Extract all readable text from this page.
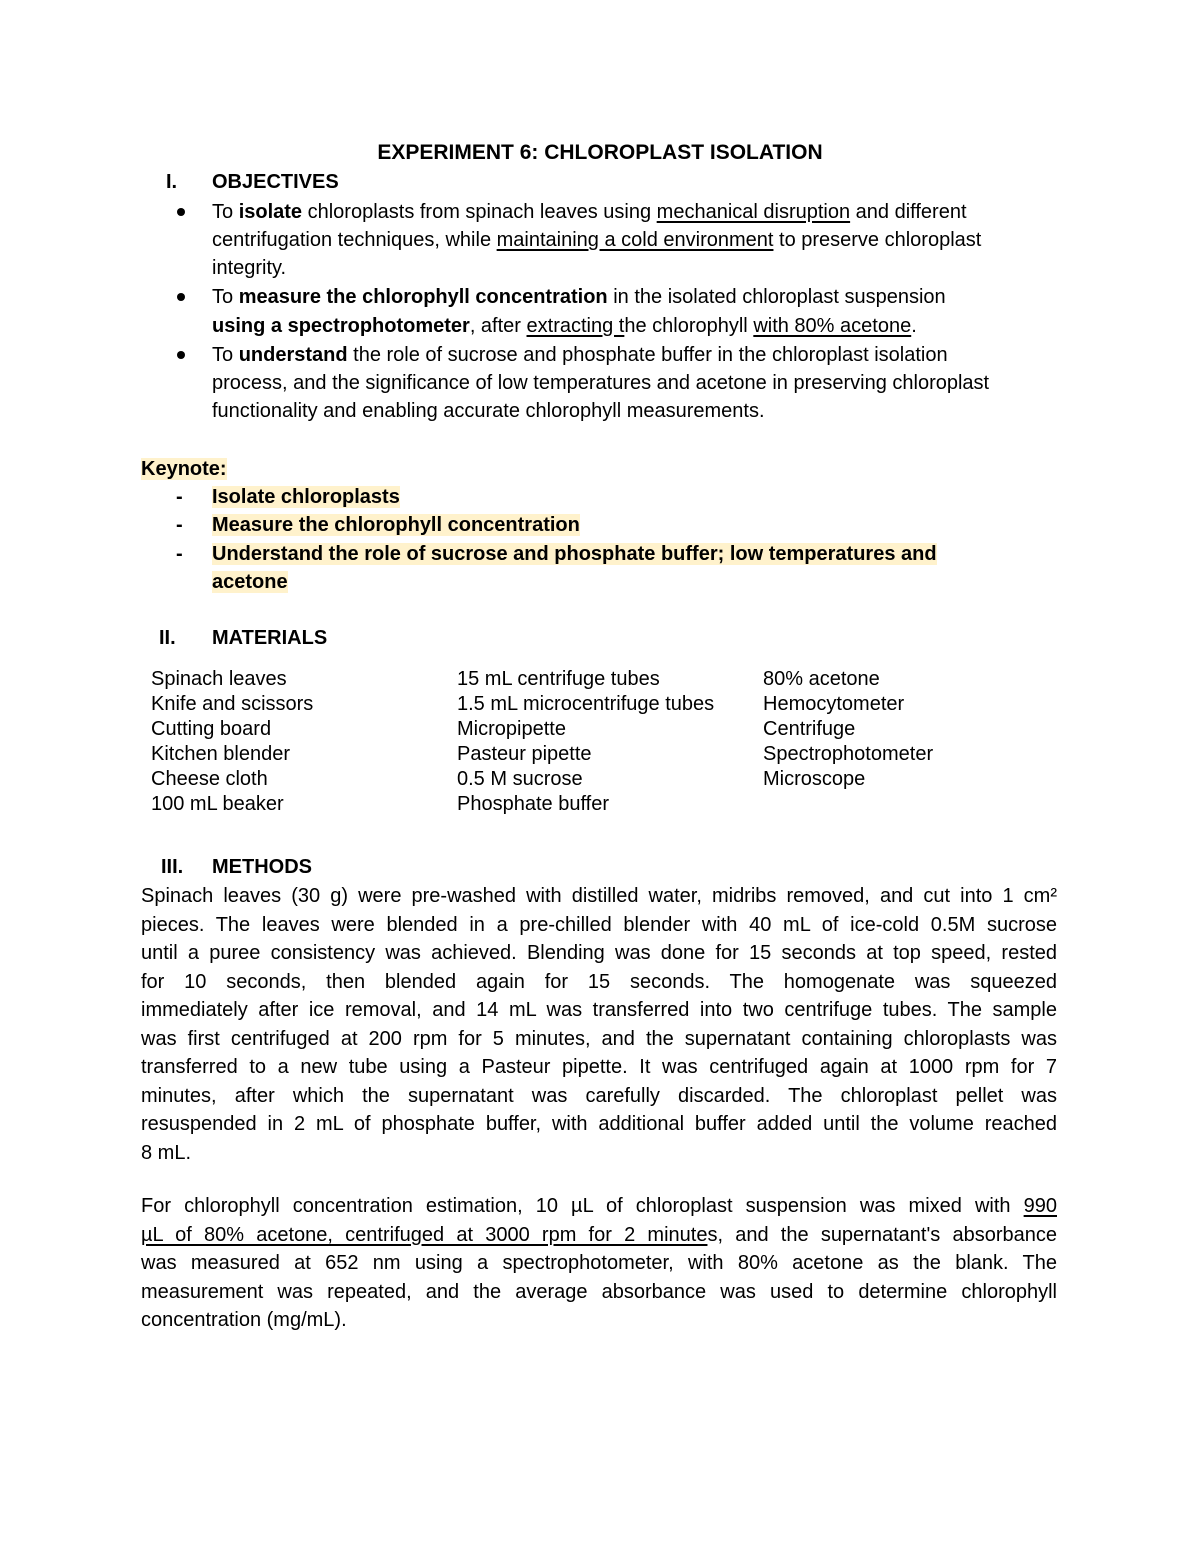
EXPERIMENT 6: CHLOROPLAST ISOLATION
I. OBJECTIVES
To isolate chloroplasts from spinach leaves using mechanical disruption and different
centrifugation techniques, while maintaining a cold environment to preserve chloroplast
integrity.
To measure the chlorophyll concentration in the isolated chloroplast suspension
using a spectrophotometer, after extracting the chlorophyll with 80% acetone.
To understand the role of sucrose and phosphate buffer in the chloroplast isolation
process, and the significance of low temperatures and acetone in preserving chloroplast
functionality and enabling accurate chlorophyll measurements.
Keynote:
- Isolate chloroplasts
- Measure the chlorophyll concentration
- Understand the role of sucrose and phosphate buffer; low temperatures and
acetone
II. MATERIALS
Spinach leaves
Knife and scissors
Cutting board
Kitchen blender
Cheese cloth
100 mL beaker
15 mL centrifuge tubes
1.5 mL microcentrifuge tubes
Micropipette
Pasteur pipette
0.5 M sucrose
Phosphate buffer
80% acetone
Hemocytometer
Centrifuge
Spectrophotometer
Microscope
III. METHODS
Spinach leaves (30 g) were pre-washed with distilled water, midribs removed, and cut into 1 cm²
pieces. The leaves were blended in a pre-chilled blender with 40 mL of ice-cold 0.5M sucrose
until a puree consistency was achieved. Blending was done for 15 seconds at top speed, rested
for 10 seconds, then blended again for 15 seconds. The homogenate was squeezed
immediately after ice removal, and 14 mL was transferred into two centrifuge tubes. The sample
was first centrifuged at 200 rpm for 5 minutes, and the supernatant containing chloroplasts was
transferred to a new tube using a Pasteur pipette. It was centrifuged again at 1000 rpm for 7
minutes, after which the supernatant was carefully discarded. The chloroplast pellet was
resuspended in 2 mL of phosphate buffer, with additional buffer added until the volume reached
8 mL.
For chlorophyll concentration estimation, 10 µL of chloroplast suspension was mixed with 990
µL of 80% acetone, centrifuged at 3000 rpm for 2 minutes, and the supernatant's absorbance
was measured at 652 nm using a spectrophotometer, with 80% acetone as the blank. The
measurement was repeated, and the average absorbance was used to determine chlorophyll
concentration (mg/mL).
